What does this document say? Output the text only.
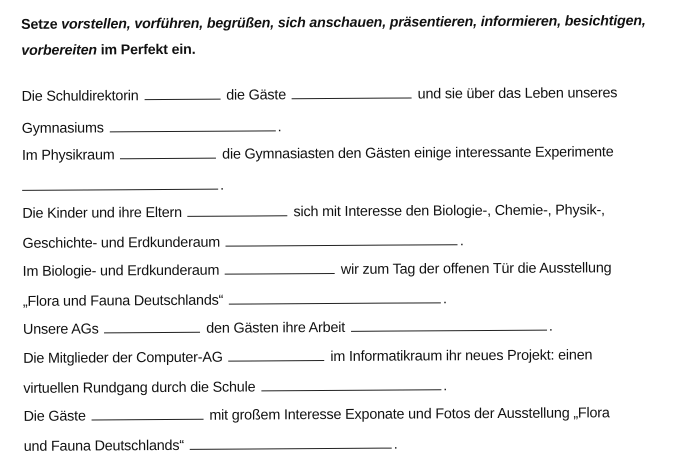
Setze vorstellen, vorführen, begrüßen, sich anschauen, präsentieren, informieren, besichtigen, vorbereiten im Perfekt ein.
Die Schuldirektorin	die Gäste	und sie über das Leben unseres
Gymnasiums	.
Im Physikraum	die Gymnasiasten den Gästen einige interessante Experimente
.
Die Kinder und ihre Eltern	sich mit Interesse den Biologie-, Chemie-, Physik-,
Geschichte- und Erdkunderaum	.
Im Biologie- und Erdkunderaum	wir zum Tag der offenen Tür die Ausstellung
„Flora und Fauna Deutschlands“	.
Unsere AGs	den Gästen ihre Arbeit	.
Die Mitglieder der Computer-AG	im Informatikraum ihr neues Projekt: einen
virtuellen Rundgang durch die Schule	.
Die Gäste	mit großem Interesse Exponate und Fotos der Ausstellung „Flora
und Fauna Deutschlands“	.
